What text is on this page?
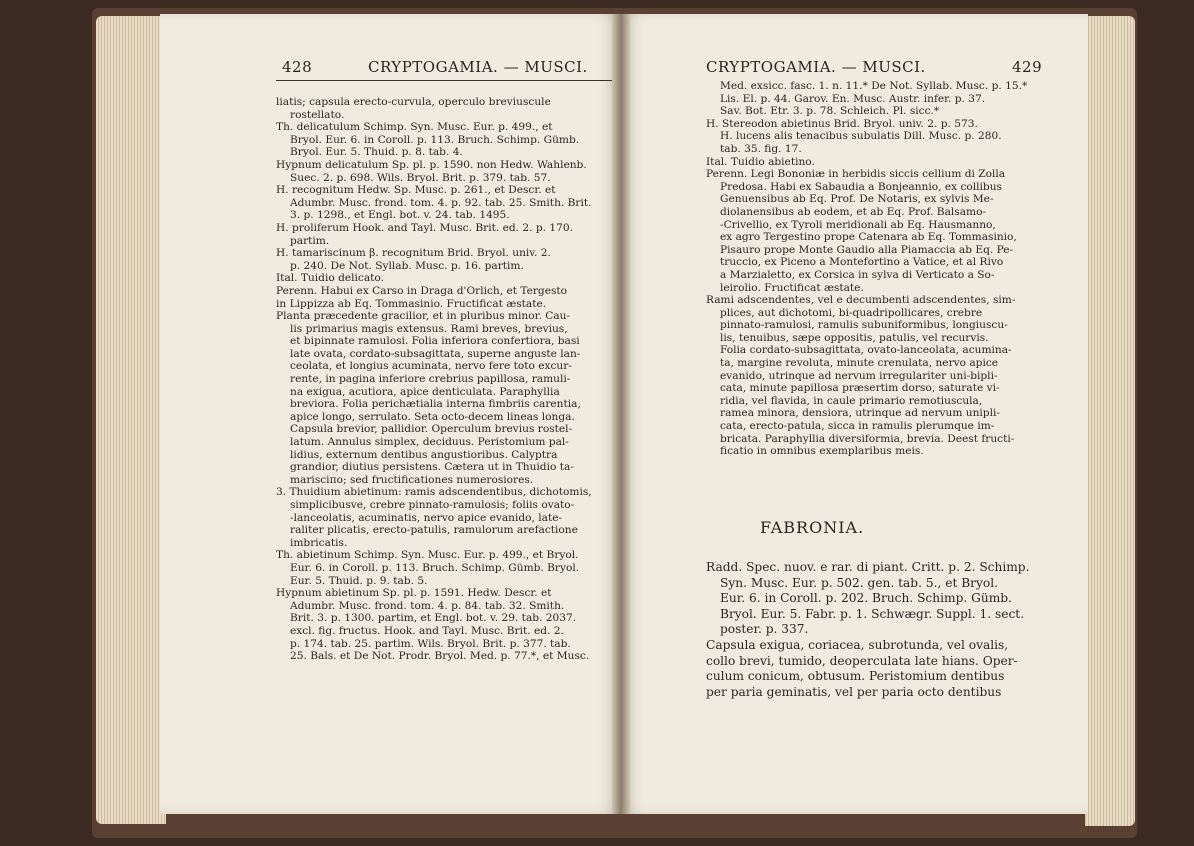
428	CRYPTOGAMIA. — MUSCI.	CRYPTOGAMIA. — MUSCI.	429
liatis; capsula erecto-curvula, operculo breviuscule
rostellato.
Th. delicatulum Schimp. Syn. Musc. Eur. p. 499., et
Bryol. Eur. 6. in Coroll. p. 113. Bruch. Schimp. Gümb.
Bryol. Eur. 5. Thuid. p. 8. tab. 4.
Hypnum delicatulum Sp. pl. p. 1590. non Hedw. Wahlenb.
Suec. 2. p. 698. Wils. Bryol. Brit. p. 379. tab. 57.
H. recognitum Hedw. Sp. Musc. p. 261., et Descr. et
Adumbr. Musc. frond. tom. 4. p. 92. tab. 25. Smith. Brit.
3. p. 1298., et Engl. bot. v. 24. tab. 1495.
H. proliferum Hook. and Tayl. Musc. Brit. ed. 2. p. 170.
partim.
H. tamariscinum β. recognitum Brid. Bryol. univ. 2.
p. 240. De Not. Syllab. Musc. p. 16. partim.
Ital. Tuidio delicato.
Perenn. Habui ex Carso in Draga d'Orlich, et Tergesto
in Lippizza ab Eq. Tommasinio. Fructificat æstate.
Planta præcedente gracilior, et in pluribus minor. Cau-
lis primarius magis extensus. Rami breves, brevius,
et bipinnate ramulosi. Folia inferiora confertiora, basi
late ovata, cordato-subsagittata, superne anguste lan-
ceolata, et longius acuminata, nervo fere toto excur-
rente, in pagina inferiore crebrius papillosa, ramuli-
na exigua, acutiora, apice denticulata. Paraphyllia
breviora. Folia perichætialia interna fimbriis carentia,
apice longo, serrulato. Seta octo-decem lineas longa.
Capsula brevior, pallidior. Operculum brevius rostel-
latum. Annulus simplex, deciduus. Peristomium pal-
lidius, externum dentibus angustioribus. Calyptra
grandior, diutius persistens. Cætera ut in Thuidio ta-
marisciпо; sed fructificationes numerosiores.
3. Thuidium abietinum: ramis adscendentibus, dichotomis,
simplicibusve, crebre pinnato-ramulosis; foliis ovato-
-lanceolatis, acuminatis, nervo apice evanido, late-
raliter plicatis, erecto-patulis, ramulorum arefactione
imbricatis.
Th. abietinum Schimp. Syn. Musc. Eur. p. 499., et Bryol.
Eur. 6. in Coroll. p. 113. Bruch. Schimp. Gümb. Bryol.
Eur. 5. Thuid. p. 9. tab. 5.
Hypnum abietinum Sp. pl. p. 1591. Hedw. Descr. et
Adumbr. Musc. frond. tom. 4. p. 84. tab. 32. Smith.
Brit. 3. p. 1300. partim, et Engl. bot. v. 29. tab. 2037.
excl. fig. fructus. Hook. and Tayl. Musc. Brit. ed. 2.
p. 174. tab. 25. partim. Wils. Bryol. Brit. p. 377. tab.
25. Bals. et De Not. Prodr. Bryol. Med. p. 77.*, et Musc.
Med. exsicc. fasc. 1. n. 11.* De Not. Syllab. Musc. p. 15.*
Lis. El. p. 44. Garov. En. Musc. Austr. infer. p. 37.
Sav. Bot. Etr. 3. p. 78. Schleich. Pl. sicc.*
H. Stereodon abietinus Brid. Bryol. univ. 2. p. 573.
H. lucens alis tenacibus subulatis Dill. Musc. p. 280.
tab. 35. fig. 17.
Ital. Tuidio abietino.
Perenn. Legi Bononiæ in herbidis siccis cellium di Zolla
Predosa. Habi ex Sabaudia a Bonjeannio, ex collibus
Genuensibus ab Eq. Prof. De Notaris, ex sylvis Me-
diolanensibus ab eodem, et ab Eq. Prof. Balsamo-
-Crivellio, ex Tyroli meridionali ab Eq. Hausmanno,
ex agro Tergestino prope Catenara ab Eq. Tommasinio,
Pisauro prope Monte Gaudio alla Piamaccia ab Eq. Pe-
truccio, ex Piceno a Montefortino a Vatice, et al Rivo
a Marzialetto, ex Corsica in sylva di Verticato a So-
leirolio. Fructificat æstate.
Rami adscendentes, vel e decumbenti adscendentes, sim-
plices, aut dichotomi, bi-quadripollicares, crebre
pinnato-ramulosi, ramulis subuniformibus, longiuscu-
lis, tenuibus, sæpe oppositis, patulis, vel recurvis.
Folia cordato-subsagittata, ovato-lanceolata, acumina-
ta, margine revoluta, minute crenulata, nervo apice
evanido, utrinque ad nervum irregulariter uni-bipli-
cata, minute papillosa præsertim dorso, saturate vi-
ridia, vel flavida, in caule primario remotiuscula,
ramea minora, densiora, utrinque ad nervum unipli-
cata, erecto-patula, sicca in ramulis plerumque im-
bricata. Paraphyllia diversiformia, brevia. Deest fructi-
ficatio in omnibus exemplaribus meis.
FABRONIA.
Radd. Spec. nuov. e rar. di piant. Critt. p. 2. Schimp.
Syn. Musc. Eur. p. 502. gen. tab. 5., et Bryol.
Eur. 6. in Coroll. p. 202. Bruch. Schimp. Gümb.
Bryol. Eur. 5. Fabr. p. 1. Schwægr. Suppl. 1. sect.
poster. p. 337.
Capsula exigua, coriacea, subrotunda, vel ovalis,
collo brevi, tumido, deoperculata late hians. Oper-
culum conicum, obtusum. Peristomium dentibus
per paria geminatis, vel per paria octo dentibus
